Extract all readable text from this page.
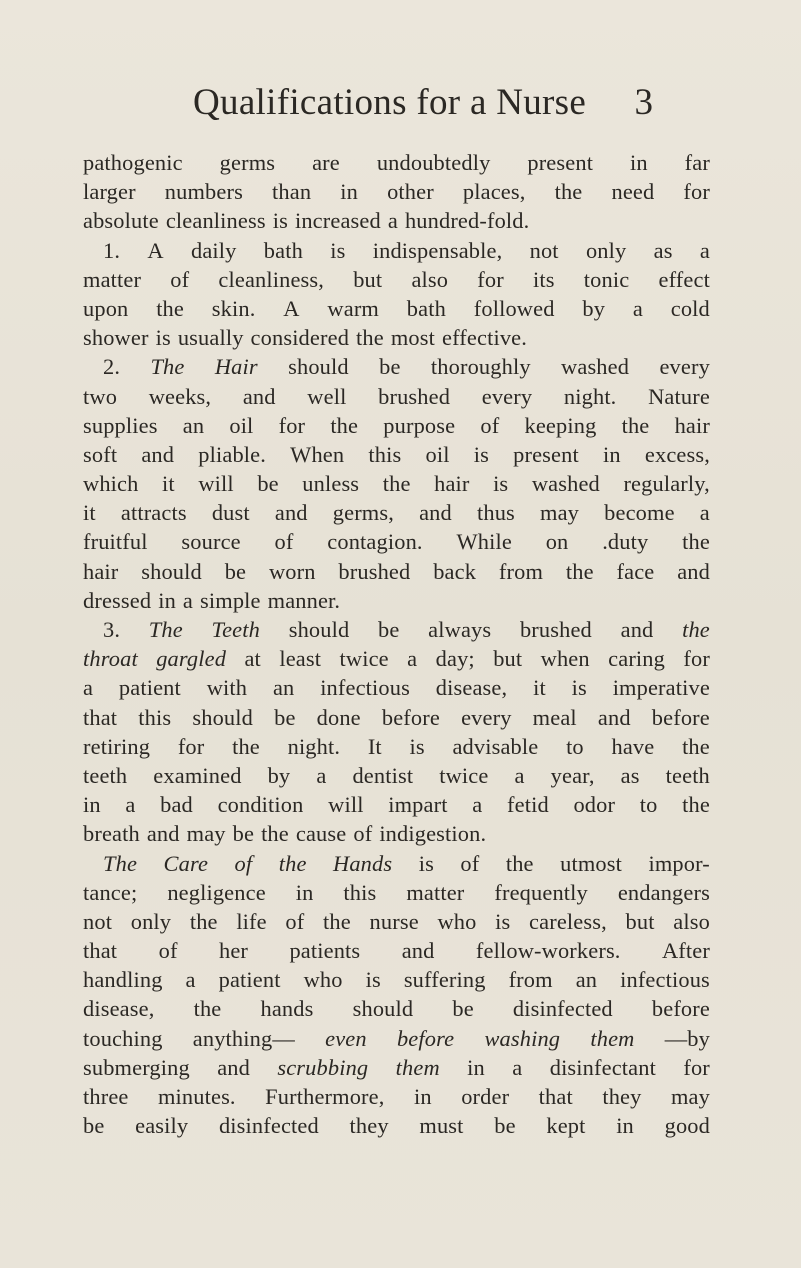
Qualifications for a Nurse 3
pathogenic germs are undoubtedly present in far
larger numbers than in other places, the need for
absolute cleanliness is increased a hundred-fold.
1. A daily bath is indispensable, not only as a
matter of cleanliness, but also for its tonic effect
upon the skin. A warm bath followed by a cold
shower is usually considered the most effective.
2. The Hair should be thoroughly washed every
two weeks, and well brushed every night. Nature
supplies an oil for the purpose of keeping the hair
soft and pliable. When this oil is present in excess,
which it will be unless the hair is washed regularly,
it attracts dust and germs, and thus may become a
fruitful source of contagion. While on .duty the
hair should be worn brushed back from the face and
dressed in a simple manner.
3. The Teeth should be always brushed and the
throat gargled at least twice a day; but when caring for
a patient with an infectious disease, it is imperative
that this should be done before every meal and before
retiring for the night. It is advisable to have the
teeth examined by a dentist twice a year, as teeth
in a bad condition will impart a fetid odor to the
breath and may be the cause of indigestion.
The Care of the Hands is of the utmost impor-
tance; negligence in this matter frequently endangers
not only the life of the nurse who is careless, but also
that of her patients and fellow-workers. After
handling a patient who is suffering from an infectious
disease, the hands should be disinfected before
touching anything— even before washing them —by
submerging and scrubbing them in a disinfectant for
three minutes. Furthermore, in order that they may
be easily disinfected they must be kept in good
